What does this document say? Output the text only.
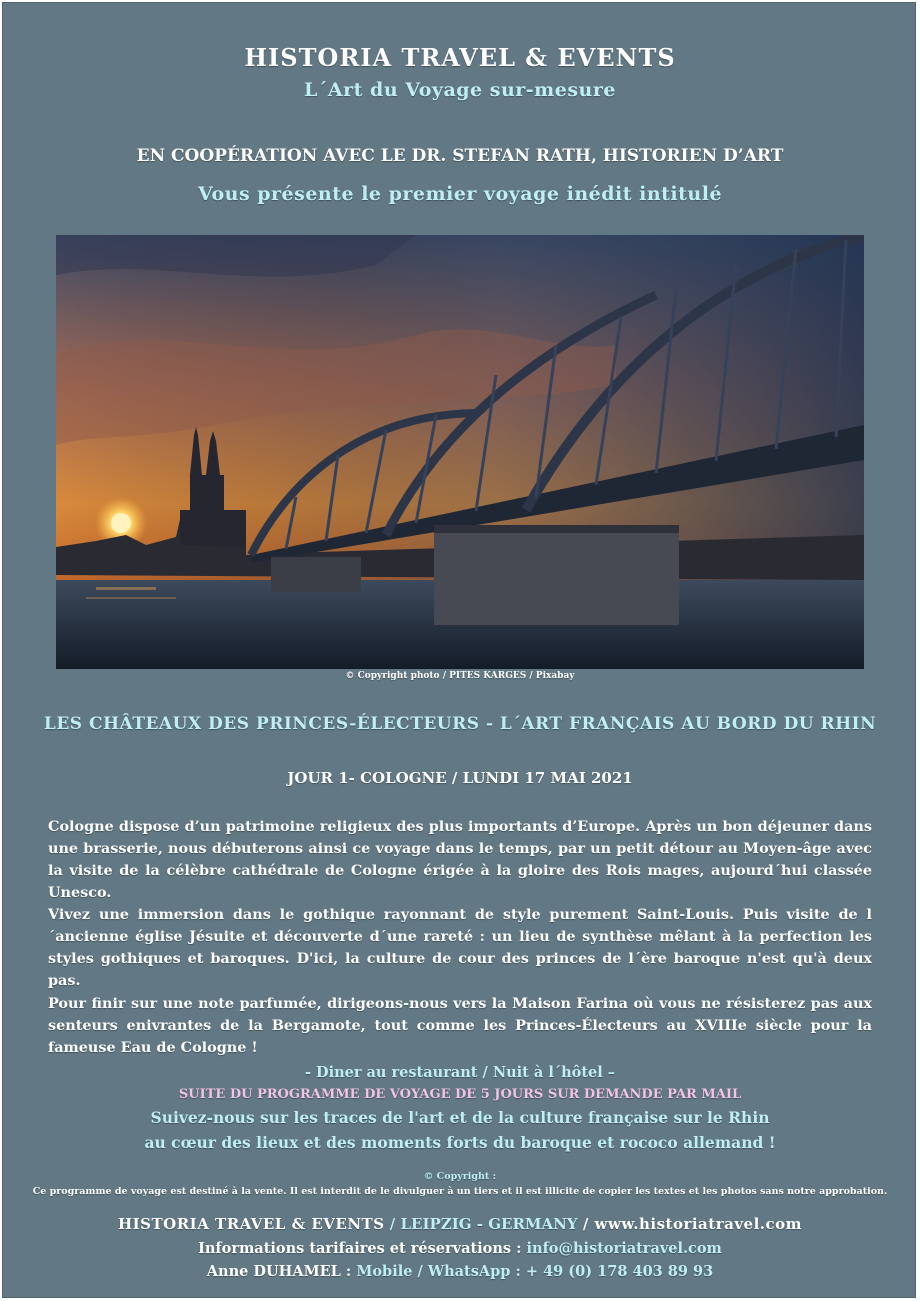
HISTORIA TRAVEL & EVENTS
L´Art du Voyage sur-mesure
EN COOPÉRATION AVEC LE DR. STEFAN RATH, HISTORIEN D’ART
Vous présente le premier voyage inédit intitulé
© Copyright photo / PITES KARGES / Pixabay
LES CHÂTEAUX DES PRINCES-ÉLECTEURS - L´ART FRANÇAIS AU BORD DU RHIN
JOUR 1- COLOGNE / LUNDI 17 MAI 2021
Cologne dispose d’un patrimoine religieux des plus importants d’Europe. Après un bon déjeuner dans une brasserie, nous débuterons ainsi ce voyage dans le temps, par un petit détour au Moyen-âge avec la visite de la célèbre cathédrale de Cologne érigée à la gloire des Rois mages, aujourd´hui classée Unesco.
Vivez une immersion dans le gothique rayonnant de style purement Saint-Louis. Puis visite de l´ancienne église Jésuite et découverte d´une rareté : un lieu de synthèse mêlant à la perfection les styles gothiques et baroques. D'ici, la culture de cour des princes de l´ère baroque n'est qu'à deux pas.
Pour finir sur une note parfumée, dirigeons-nous vers la Maison Farina où vous ne résisterez pas aux senteurs enivrantes de la Bergamote, tout comme les Princes-Électeurs au XVIIIe siècle pour la fameuse Eau de Cologne !
- Diner au restaurant / Nuit à l´hôtel –
SUITE DU PROGRAMME DE VOYAGE DE 5 JOURS SUR DEMANDE PAR MAIL
Suivez-nous sur les traces de l'art et de la culture française sur le Rhin
au cœur des lieux et des moments forts du baroque et rococo allemand !
© Copyright :
Ce programme de voyage est destiné à la vente. Il est interdit de le divulguer à un tiers et il est illicite de copier les textes et les photos sans notre approbation.
HISTORIA TRAVEL & EVENTS / LEIPZIG - GERMANY / www.historiatravel.com
Informations tarifaires et réservations : info@historiatravel.com
Anne DUHAMEL : Mobile / WhatsApp : + 49 (0) 178 403 89 93
